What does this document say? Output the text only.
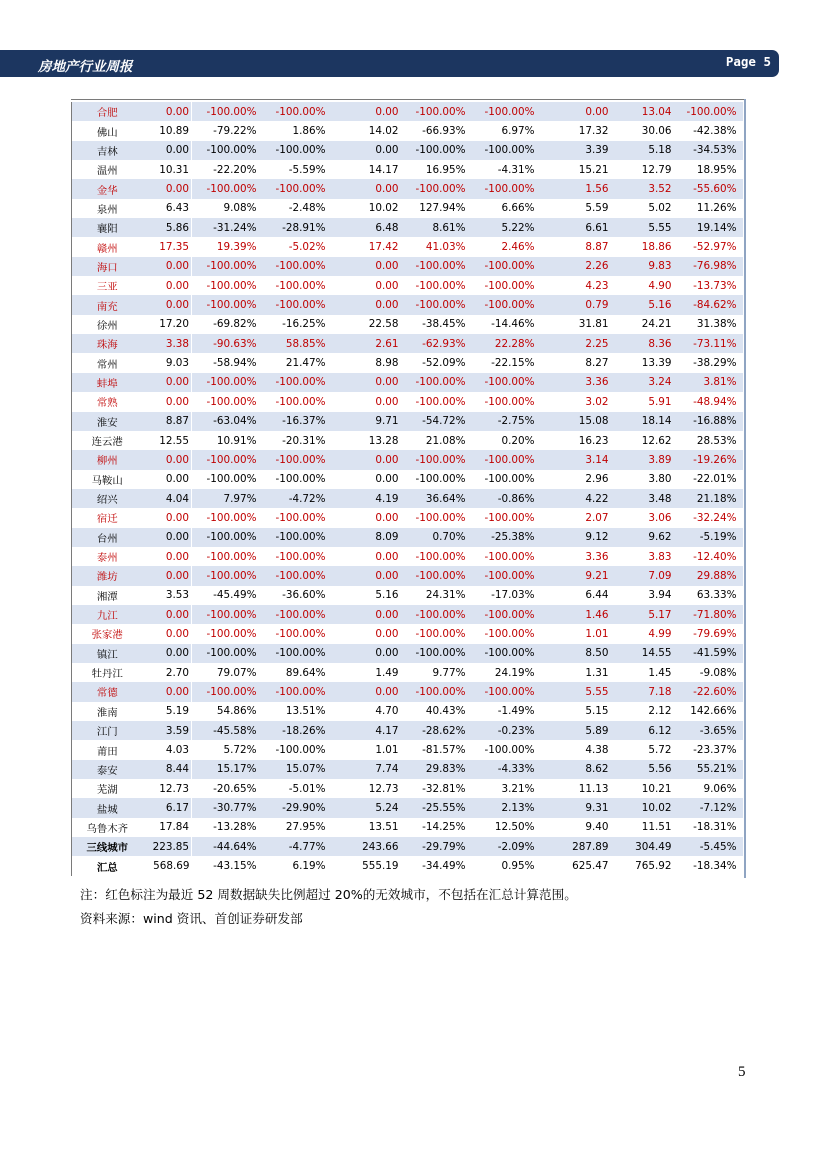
房地产行业周报	Page 5
合肥	0.00	-100.00%	-100.00%	0.00	-100.00%	-100.00%	0.00	13.04	-100.00%
佛山	10.89	-79.22%	1.86%	14.02	-66.93%	6.97%	17.32	30.06	-42.38%
吉林	0.00	-100.00%	-100.00%	0.00	-100.00%	-100.00%	3.39	5.18	-34.53%
温州	10.31	-22.20%	-5.59%	14.17	16.95%	-4.31%	15.21	12.79	18.95%
金华	0.00	-100.00%	-100.00%	0.00	-100.00%	-100.00%	1.56	3.52	-55.60%
泉州	6.43	9.08%	-2.48%	10.02	127.94%	6.66%	5.59	5.02	11.26%
襄阳	5.86	-31.24%	-28.91%	6.48	8.61%	5.22%	6.61	5.55	19.14%
赣州	17.35	19.39%	-5.02%	17.42	41.03%	2.46%	8.87	18.86	-52.97%
海口	0.00	-100.00%	-100.00%	0.00	-100.00%	-100.00%	2.26	9.83	-76.98%
三亚	0.00	-100.00%	-100.00%	0.00	-100.00%	-100.00%	4.23	4.90	-13.73%
南充	0.00	-100.00%	-100.00%	0.00	-100.00%	-100.00%	0.79	5.16	-84.62%
徐州	17.20	-69.82%	-16.25%	22.58	-38.45%	-14.46%	31.81	24.21	31.38%
珠海	3.38	-90.63%	58.85%	2.61	-62.93%	22.28%	2.25	8.36	-73.11%
常州	9.03	-58.94%	21.47%	8.98	-52.09%	-22.15%	8.27	13.39	-38.29%
蚌埠	0.00	-100.00%	-100.00%	0.00	-100.00%	-100.00%	3.36	3.24	3.81%
常熟	0.00	-100.00%	-100.00%	0.00	-100.00%	-100.00%	3.02	5.91	-48.94%
淮安	8.87	-63.04%	-16.37%	9.71	-54.72%	-2.75%	15.08	18.14	-16.88%
连云港	12.55	10.91%	-20.31%	13.28	21.08%	0.20%	16.23	12.62	28.53%
柳州	0.00	-100.00%	-100.00%	0.00	-100.00%	-100.00%	3.14	3.89	-19.26%
马鞍山	0.00	-100.00%	-100.00%	0.00	-100.00%	-100.00%	2.96	3.80	-22.01%
绍兴	4.04	7.97%	-4.72%	4.19	36.64%	-0.86%	4.22	3.48	21.18%
宿迁	0.00	-100.00%	-100.00%	0.00	-100.00%	-100.00%	2.07	3.06	-32.24%
台州	0.00	-100.00%	-100.00%	8.09	0.70%	-25.38%	9.12	9.62	-5.19%
泰州	0.00	-100.00%	-100.00%	0.00	-100.00%	-100.00%	3.36	3.83	-12.40%
潍坊	0.00	-100.00%	-100.00%	0.00	-100.00%	-100.00%	9.21	7.09	29.88%
湘潭	3.53	-45.49%	-36.60%	5.16	24.31%	-17.03%	6.44	3.94	63.33%
九江	0.00	-100.00%	-100.00%	0.00	-100.00%	-100.00%	1.46	5.17	-71.80%
张家港	0.00	-100.00%	-100.00%	0.00	-100.00%	-100.00%	1.01	4.99	-79.69%
镇江	0.00	-100.00%	-100.00%	0.00	-100.00%	-100.00%	8.50	14.55	-41.59%
牡丹江	2.70	79.07%	89.64%	1.49	9.77%	24.19%	1.31	1.45	-9.08%
常德	0.00	-100.00%	-100.00%	0.00	-100.00%	-100.00%	5.55	7.18	-22.60%
淮南	5.19	54.86%	13.51%	4.70	40.43%	-1.49%	5.15	2.12	142.66%
江门	3.59	-45.58%	-18.26%	4.17	-28.62%	-0.23%	5.89	6.12	-3.65%
莆田	4.03	5.72%	-100.00%	1.01	-81.57%	-100.00%	4.38	5.72	-23.37%
泰安	8.44	15.17%	15.07%	7.74	29.83%	-4.33%	8.62	5.56	55.21%
芜湖	12.73	-20.65%	-5.01%	12.73	-32.81%	3.21%	11.13	10.21	9.06%
盐城	6.17	-30.77%	-29.90%	5.24	-25.55%	2.13%	9.31	10.02	-7.12%
乌鲁木齐	17.84	-13.28%	27.95%	13.51	-14.25%	12.50%	9.40	11.51	-18.31%
三线城市	223.85	-44.64%	-4.77%	243.66	-29.79%	-2.09%	287.89	304.49	-5.45%
汇总	568.69	-43.15%	6.19%	555.19	-34.49%	0.95%	625.47	765.92	-18.34%
注：红色标注为最近 52 周数据缺失比例超过 20%的无效城市，不包括在汇总计算范围。
资料来源：wind 资讯、首创证券研发部
5
